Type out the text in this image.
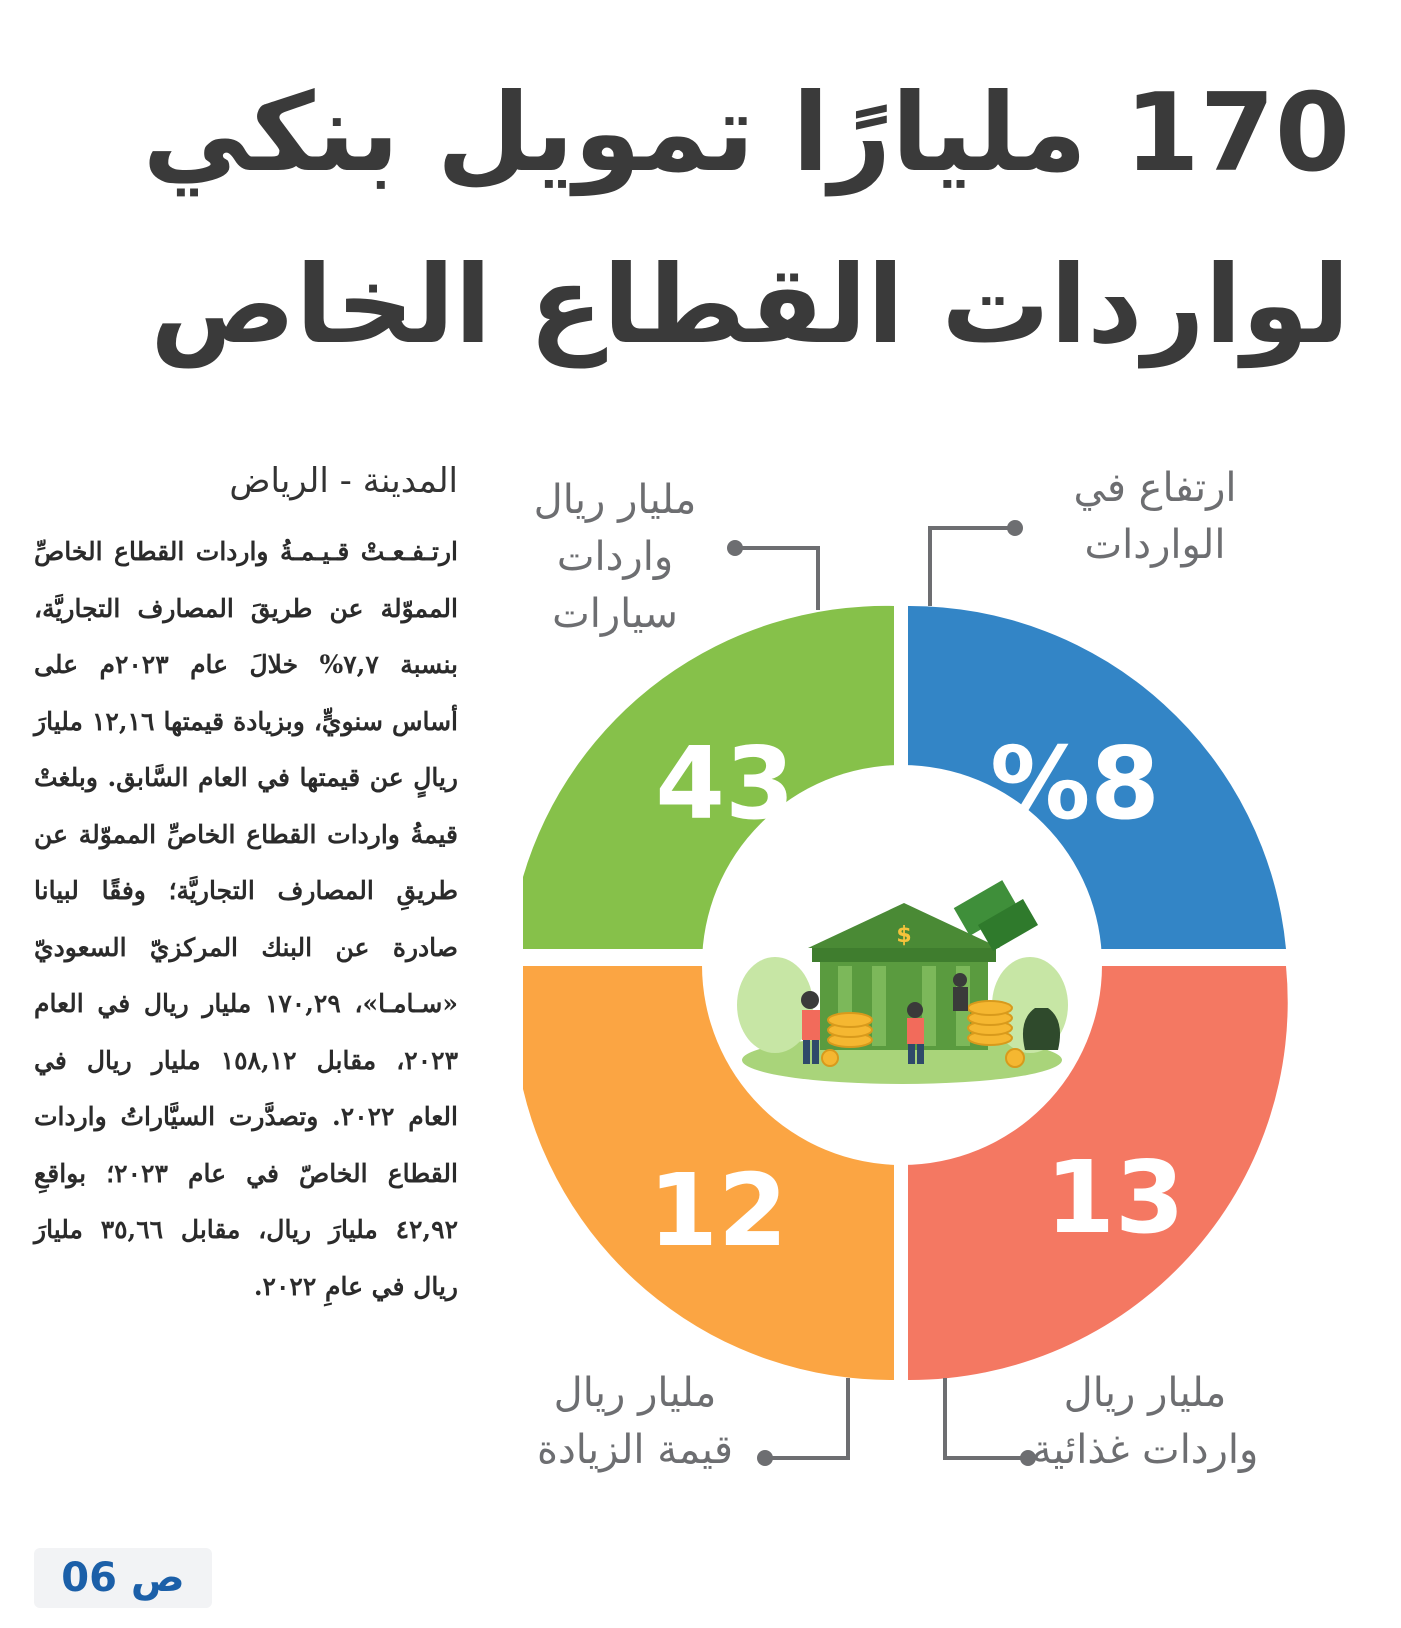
170 مليارًا تمويل بنكي
لواردات القطاع الخاص
المدينة - الرياض
ارتـفـعـتْ قـيـمـةُ واردات القطاع الخاصِّ المموّلة عن طريقَ المصارف التجاريَّة، بنسبة ٧,٧% خلالَ عام ٢٠٢٣م على أساس سنويٍّ، وبزيادة قيمتها ١٢,١٦ مليارَ ريالٍ عن قيمتها في العام السَّابق. وبلغتْ قيمةُ واردات القطاع الخاصِّ المموّلة عن طريقِ المصارف التجاريَّة؛ وفقًا لبيانا صادرة عن البنك المركزيّ السعوديّ «سـامـا»، ١٧٠,٢٩ مليار ريال في العام ٢٠٢٣، مقابل ١٥٨,١٢ مليار ريال في العام ٢٠٢٢. وتصدَّرت السيَّاراتُ واردات القطاع الخاصّ في عام ٢٠٢٣؛ بواقعِ ٤٢,٩٢ مليارَ ريال، مقابل ٣٥,٦٦ مليارَ ريال في عامِ ٢٠٢٢.
ص 06
%8
13
12
43
$
ارتفاع في الواردات
مليار ريال واردات سيارات
مليار ريال قيمة الزيادة
مليار ريال واردات غذائية
